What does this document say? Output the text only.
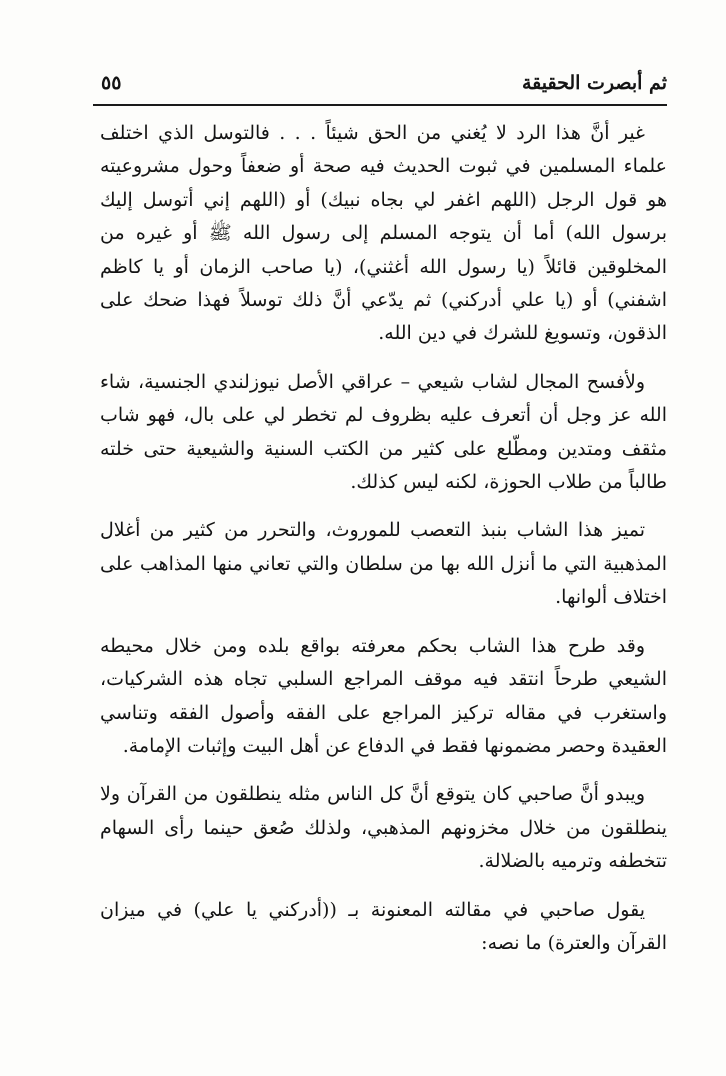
ثم أبصرت الحقيقة
٥٥

غير أنَّ هذا الرد لا يُغني من الحق شيئاً . . . فالتوسل الذي اختلف علماء المسلمين في ثبوت الحديث فيه صحة أو ضعفاً وحول مشروعيته هو قول الرجل (اللهم اغفر لي بجاه نبيك) أو (اللهم إني أتوسل إليك برسول الله) أما أن يتوجه المسلم إلى رسول الله ﷺ أو غيره من المخلوقين قائلاً (يا رسول الله أغثني)، (يا صاحب الزمان أو يا كاظم اشفني) أو (يا علي أدركني) ثم يدّعي أنَّ ذلك توسلاً فهذا ضحك على الذقون، وتسويغ للشرك في دين الله.

ولأفسح المجال لشاب شيعي – عراقي الأصل نيوزلندي الجنسية، شاء الله عز وجل أن أتعرف عليه بظروف لم تخطر لي على بال، فهو شاب مثقف ومتدين ومطّلع على كثير من الكتب السنية والشيعية حتى خلته طالباً من طلاب الحوزة، لكنه ليس كذلك.

تميز هذا الشاب بنبذ التعصب للموروث، والتحرر من كثير من أغلال المذهبية التي ما أنزل الله بها من سلطان والتي تعاني منها المذاهب على اختلاف ألوانها.

وقد طرح هذا الشاب بحكم معرفته بواقع بلده ومن خلال محيطه الشيعي طرحاً انتقد فيه موقف المراجع السلبي تجاه هذه الشركيات، واستغرب في مقاله تركيز المراجع على الفقه وأصول الفقه وتناسي العقيدة وحصر مضمونها فقط في الدفاع عن أهل البيت وإثبات الإمامة.

ويبدو أنَّ صاحبي كان يتوقع أنَّ كل الناس مثله ينطلقون من القرآن ولا ينطلقون من خلال مخزونهم المذهبي، ولذلك صُعق حينما رأى السهام تتخطفه وترميه بالضلالة.

يقول صاحبي في مقالته المعنونة بـ ((أدركني يا علي) في ميزان القرآن والعترة) ما نصه:
